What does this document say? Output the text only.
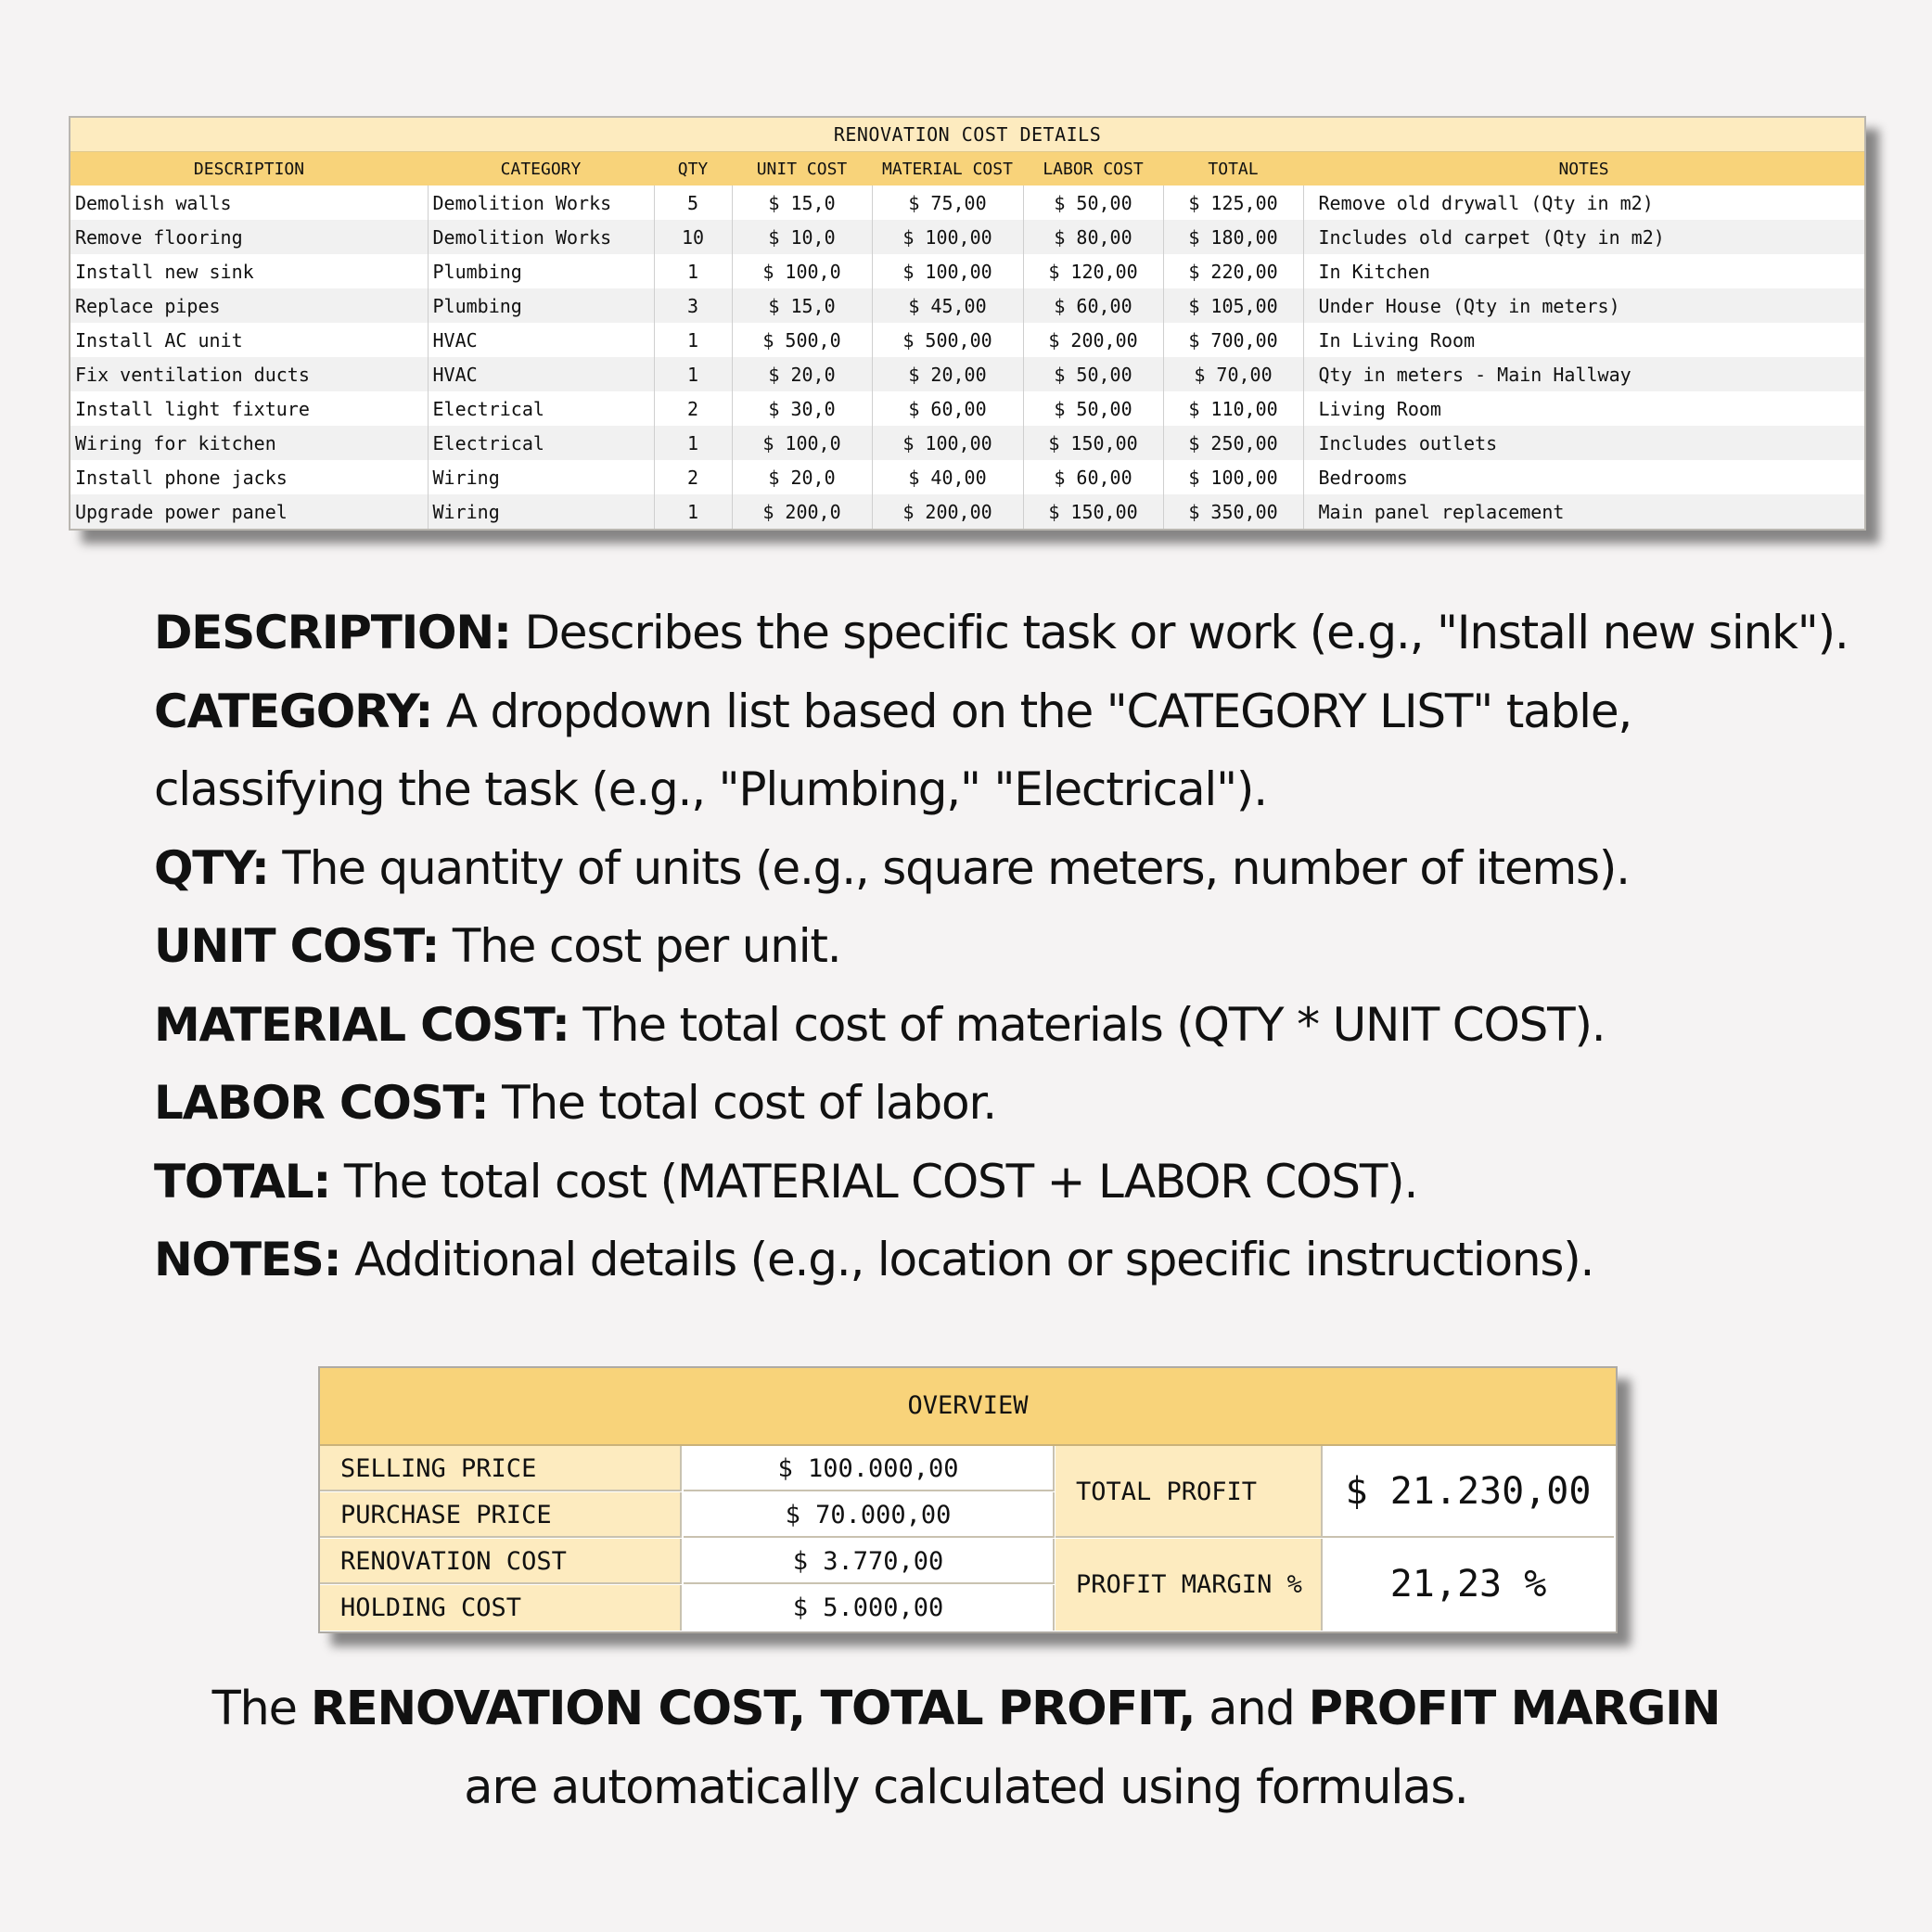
RENOVATION COST DETAILS							
DESCRIPTION	CATEGORY	QTY	UNIT COST	MATERIAL COST	LABOR COST	TOTAL	NOTES
Demolish walls	Demolition Works	5	$ 15,0	$ 75,00	$ 50,00	$ 125,00	Remove old drywall (Qty in m2)
Remove flooring	Demolition Works	10	$ 10,0	$ 100,00	$ 80,00	$ 180,00	Includes old carpet (Qty in m2)
Install new sink	Plumbing	1	$ 100,0	$ 100,00	$ 120,00	$ 220,00	In Kitchen
Replace pipes	Plumbing	3	$ 15,0	$ 45,00	$ 60,00	$ 105,00	Under House (Qty in meters)
Install AC unit	HVAC	1	$ 500,0	$ 500,00	$ 200,00	$ 700,00	In Living Room
Fix ventilation ducts	HVAC	1	$ 20,0	$ 20,00	$ 50,00	$ 70,00	Qty in meters - Main Hallway
Install light fixture	Electrical	2	$ 30,0	$ 60,00	$ 50,00	$ 110,00	Living Room
Wiring for kitchen	Electrical	1	$ 100,0	$ 100,00	$ 150,00	$ 250,00	Includes outlets
Install phone jacks	Wiring	2	$ 20,0	$ 40,00	$ 60,00	$ 100,00	Bedrooms
Upgrade power panel	Wiring	1	$ 200,0	$ 200,00	$ 150,00	$ 350,00	Main panel replacement
DESCRIPTION: Describes the specific task or work (e.g., "Install new sink").
CATEGORY: A dropdown list based on the "CATEGORY LIST" table,
classifying the task (e.g., "Plumbing," "Electrical").
QTY: The quantity of units (e.g., square meters, number of items).
UNIT COST: The cost per unit.
MATERIAL COST: The total cost of materials (QTY * UNIT COST).
LABOR COST: The total cost of labor.
TOTAL: The total cost (MATERIAL COST + LABOR COST).
NOTES: Additional details (e.g., location or specific instructions).
OVERVIEW
SELLING PRICE	$ 100.000,00
PURCHASE PRICE	$ 70.000,00
RENOVATION COST	$ 3.770,00
HOLDING COST	$ 5.000,00
TOTAL PROFIT	$ 21.230,00
PROFIT MARGIN %	21,23 %
The RENOVATION COST, TOTAL PROFIT, and PROFIT MARGIN
are automatically calculated using formulas.
